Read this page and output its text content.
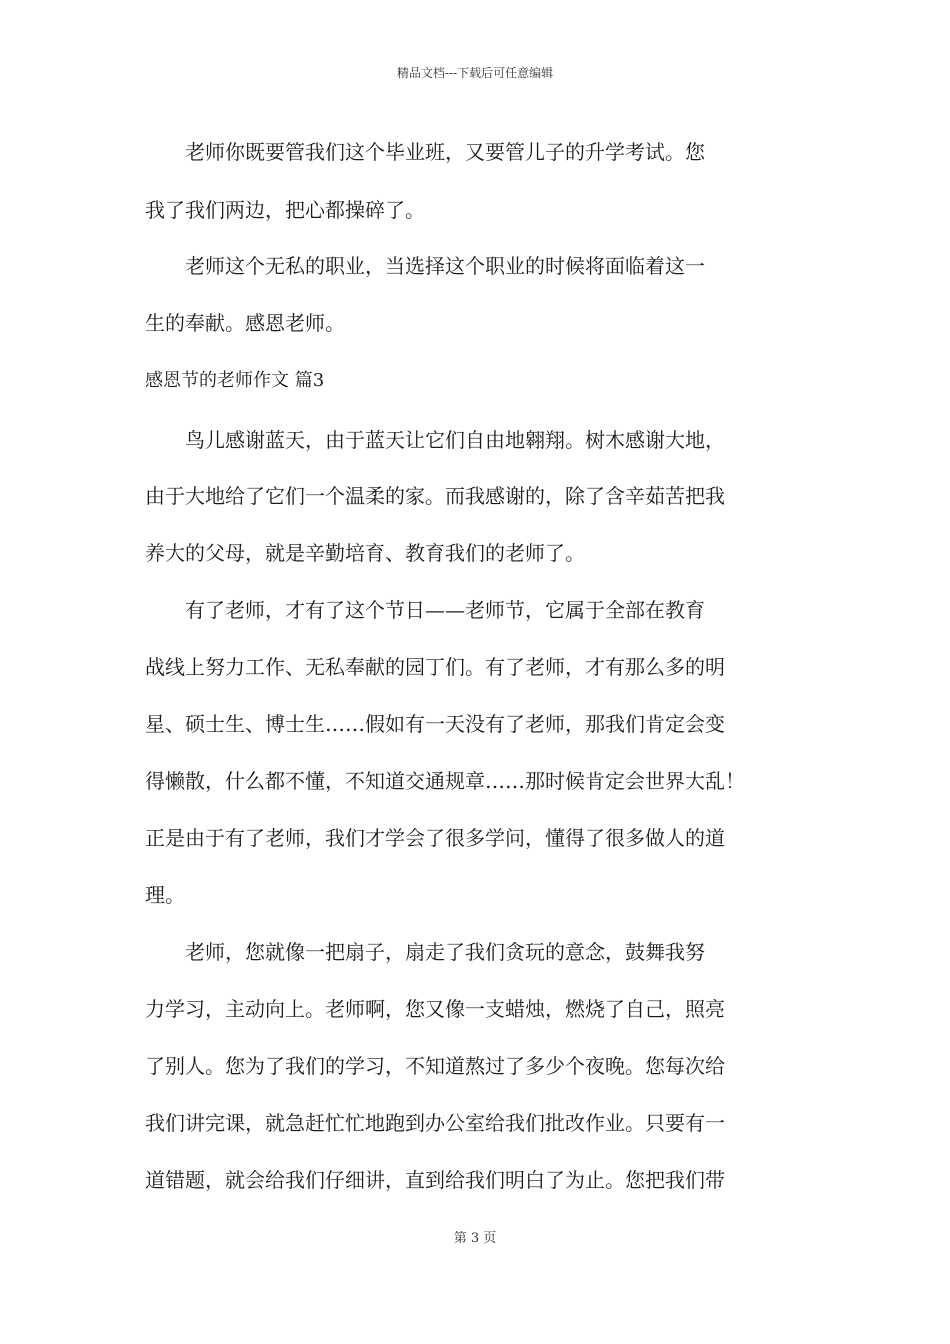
精品文档---下载后可任意编辑
　　老师你既要管我们这个毕业班，又要管儿子的升学考试。您
我了我们两边，把心都操碎了。
　　老师这个无私的职业，当选择这个职业的时候将面临着这一
生的奉献。感恩老师。
感恩节的老师作文 篇3
　　鸟儿感谢蓝天，由于蓝天让它们自由地翱翔。树木感谢大地，
由于大地给了它们一个温柔的家。而我感谢的，除了含辛茹苦把我
养大的父母，就是辛勤培育、教育我们的老师了。
　　有了老师，才有了这个节日——老师节，它属于全部在教育
战线上努力工作、无私奉献的园丁们。有了老师，才有那么多的明
星、硕士生、博士生……假如有一天没有了老师，那我们肯定会变
得懒散，什么都不懂，不知道交通规章……那时候肯定会世界大乱！
正是由于有了老师，我们才学会了很多学问，懂得了很多做人的道
理。
　　老师，您就像一把扇子，扇走了我们贪玩的意念，鼓舞我努
力学习，主动向上。老师啊，您又像一支蜡烛，燃烧了自己，照亮
了别人。您为了我们的学习，不知道熬过了多少个夜晚。您每次给
我们讲完课，就急赶忙忙地跑到办公室给我们批改作业。只要有一
道错题，就会给我们仔细讲，直到给我们明白了为止。您把我们带
第 3 页
